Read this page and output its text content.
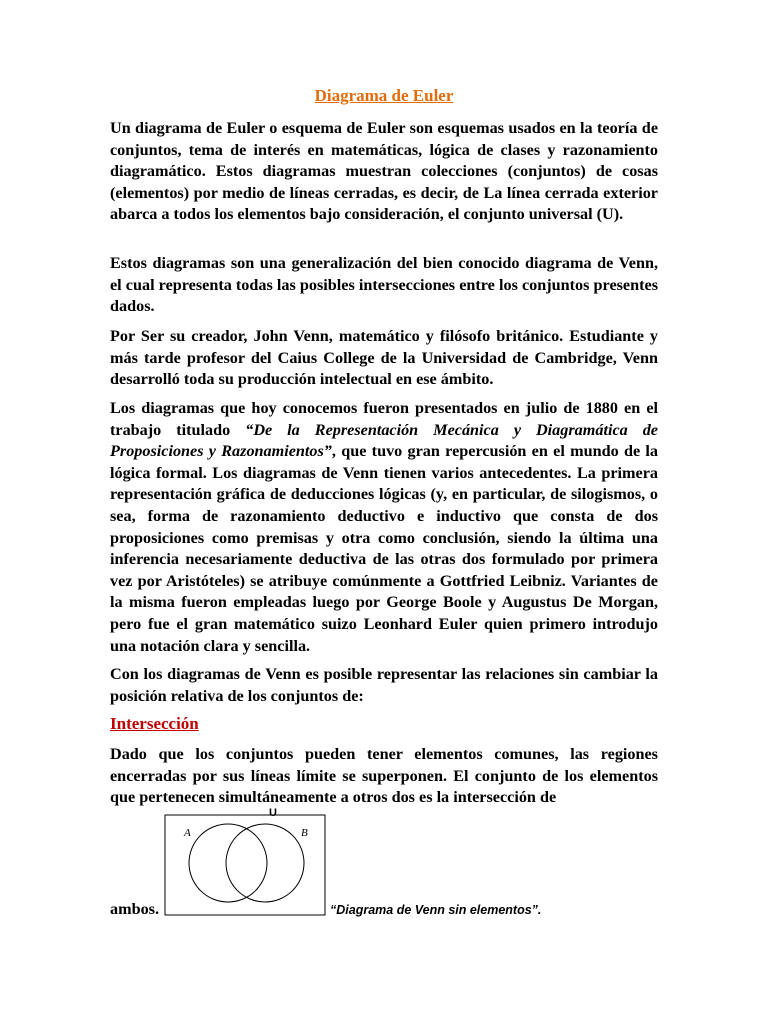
Diagrama de Euler

Un diagrama de Euler o esquema de Euler son esquemas usados en la teoría de conjuntos, tema de interés en matemáticas, lógica de clases y razonamiento diagramático. Estos diagramas muestran colecciones (conjuntos) de cosas (elementos) por medio de líneas cerradas, es decir, de La línea cerrada exterior abarca a todos los elementos bajo consideración, el conjunto universal (U).

Estos diagramas son una generalización del bien conocido diagrama de Venn, el cual representa todas las posibles intersecciones entre los conjuntos presentes dados.

Por Ser su creador, John Venn, matemático y filósofo británico. Estudiante y más tarde profesor del Caius College de la Universidad de Cambridge, Venn desarrolló toda su producción intelectual en ese ámbito.

Los diagramas que hoy conocemos fueron presentados en julio de 1880 en el trabajo titulado “De la Representación Mecánica y Diagramática de Proposiciones y Razonamientos”, que tuvo gran repercusión en el mundo de la lógica formal. Los diagramas de Venn tienen varios antecedentes. La primera representación gráfica de deducciones lógicas (y, en particular, de silogismos, o sea, forma de razonamiento deductivo e inductivo que consta de dos proposiciones como premisas y otra como conclusión, siendo la última una inferencia necesariamente deductiva de las otras dos formulado por primera vez por Aristóteles) se atribuye comúnmente a Gottfried Leibniz. Variantes de la misma fueron empleadas luego por George Boole y Augustus De Morgan, pero fue el gran matemático suizo Leonhard Euler quien primero introdujo una notación clara y sencilla.

Con los diagramas de Venn es posible representar las relaciones sin cambiar la posición relativa de los conjuntos de:

Intersección

Dado que los conjuntos pueden tener elementos comunes, las regiones encerradas por sus líneas límite se superponen. El conjunto de los elementos que pertenecen simultáneamente a otros dos es la intersección de

ambos.
U
A	B
“Diagrama de Venn sin elementos”.
